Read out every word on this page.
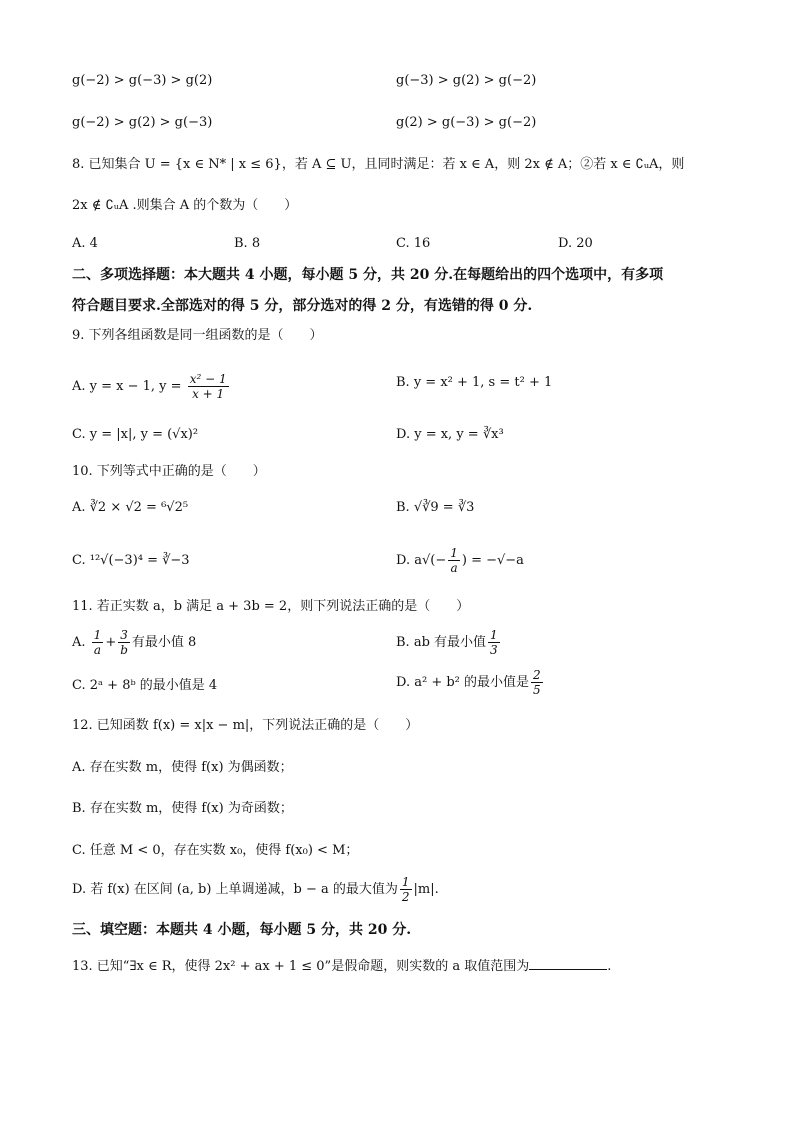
g(−2) > g(−3) > g(2)	g(−3) > g(2) > g(−2)
g(−2) > g(2) > g(−3)	g(2) > g(−3) > g(−2)
8. 已知集合 U = {x ∈ N* | x ≤ 6}，若 A ⊆ U，且同时满足：若 x ∈ A，则 2x ∉ A；②若 x ∈ ∁ᵤA，则
2x ∉ ∁ᵤA .则集合 A 的个数为（　　）
A. 4	B. 8	C. 16	D. 20
二、多项选择题：本大题共 4 小题，每小题 5 分，共 20 分.在每题给出的四个选项中，有多项
符合题目要求.全部选对的得 5 分，部分选对的得 2 分，有选错的得 0 分.
9. 下列各组函数是同一组函数的是（　　）
A. y = x − 1, $y = \frac{\text{x² − 1}}{x + 1}$	B. y = x² + 1, s = t² + 1
C. y = |x|, y = (√x)²	D. y = x, y = ∛x³
10. 下列等式中正确的是（　　）
A. ∛2 × √2 = ⁶√2⁵	B. √∛9 = ∛3
C. ¹²√(−3)⁴ = ∛−3	D. $a√(- \frac{1}{a}$ ) = −√−a
11. 若正实数 a，b 满足 a + 3b = 2，则下列说法正确的是（　　）
A. $\frac{1}{a} + \frac{3}{b}$ 有最小值 8	B. ab 有最小值 $\frac{1}{3}$
C. 2ᵃ + 8ᵇ 的最小值是 4	D. a² + b² 的最小值是 $\frac{2}{5}$
12. 已知函数 f(x) = x|x − m|，下列说法正确的是（　　）
A. 存在实数 m，使得 f(x) 为偶函数；
B. 存在实数 m，使得 f(x) 为奇函数；
C. 任意 M < 0，存在实数 x₀，使得 f(x₀) < M；
D. 若 f(x) 在区间 (a, b) 上单调递减，b − a 的最大值为 $\frac{1}{2} |m|$.
三、填空题：本题共 4 小题，每小题 5 分，共 20 分.
13. 已知“∃x ∈ R，使得 2x² + ax + 1 ≤ 0”是假命题，则实数的 a 取值范围为	.
